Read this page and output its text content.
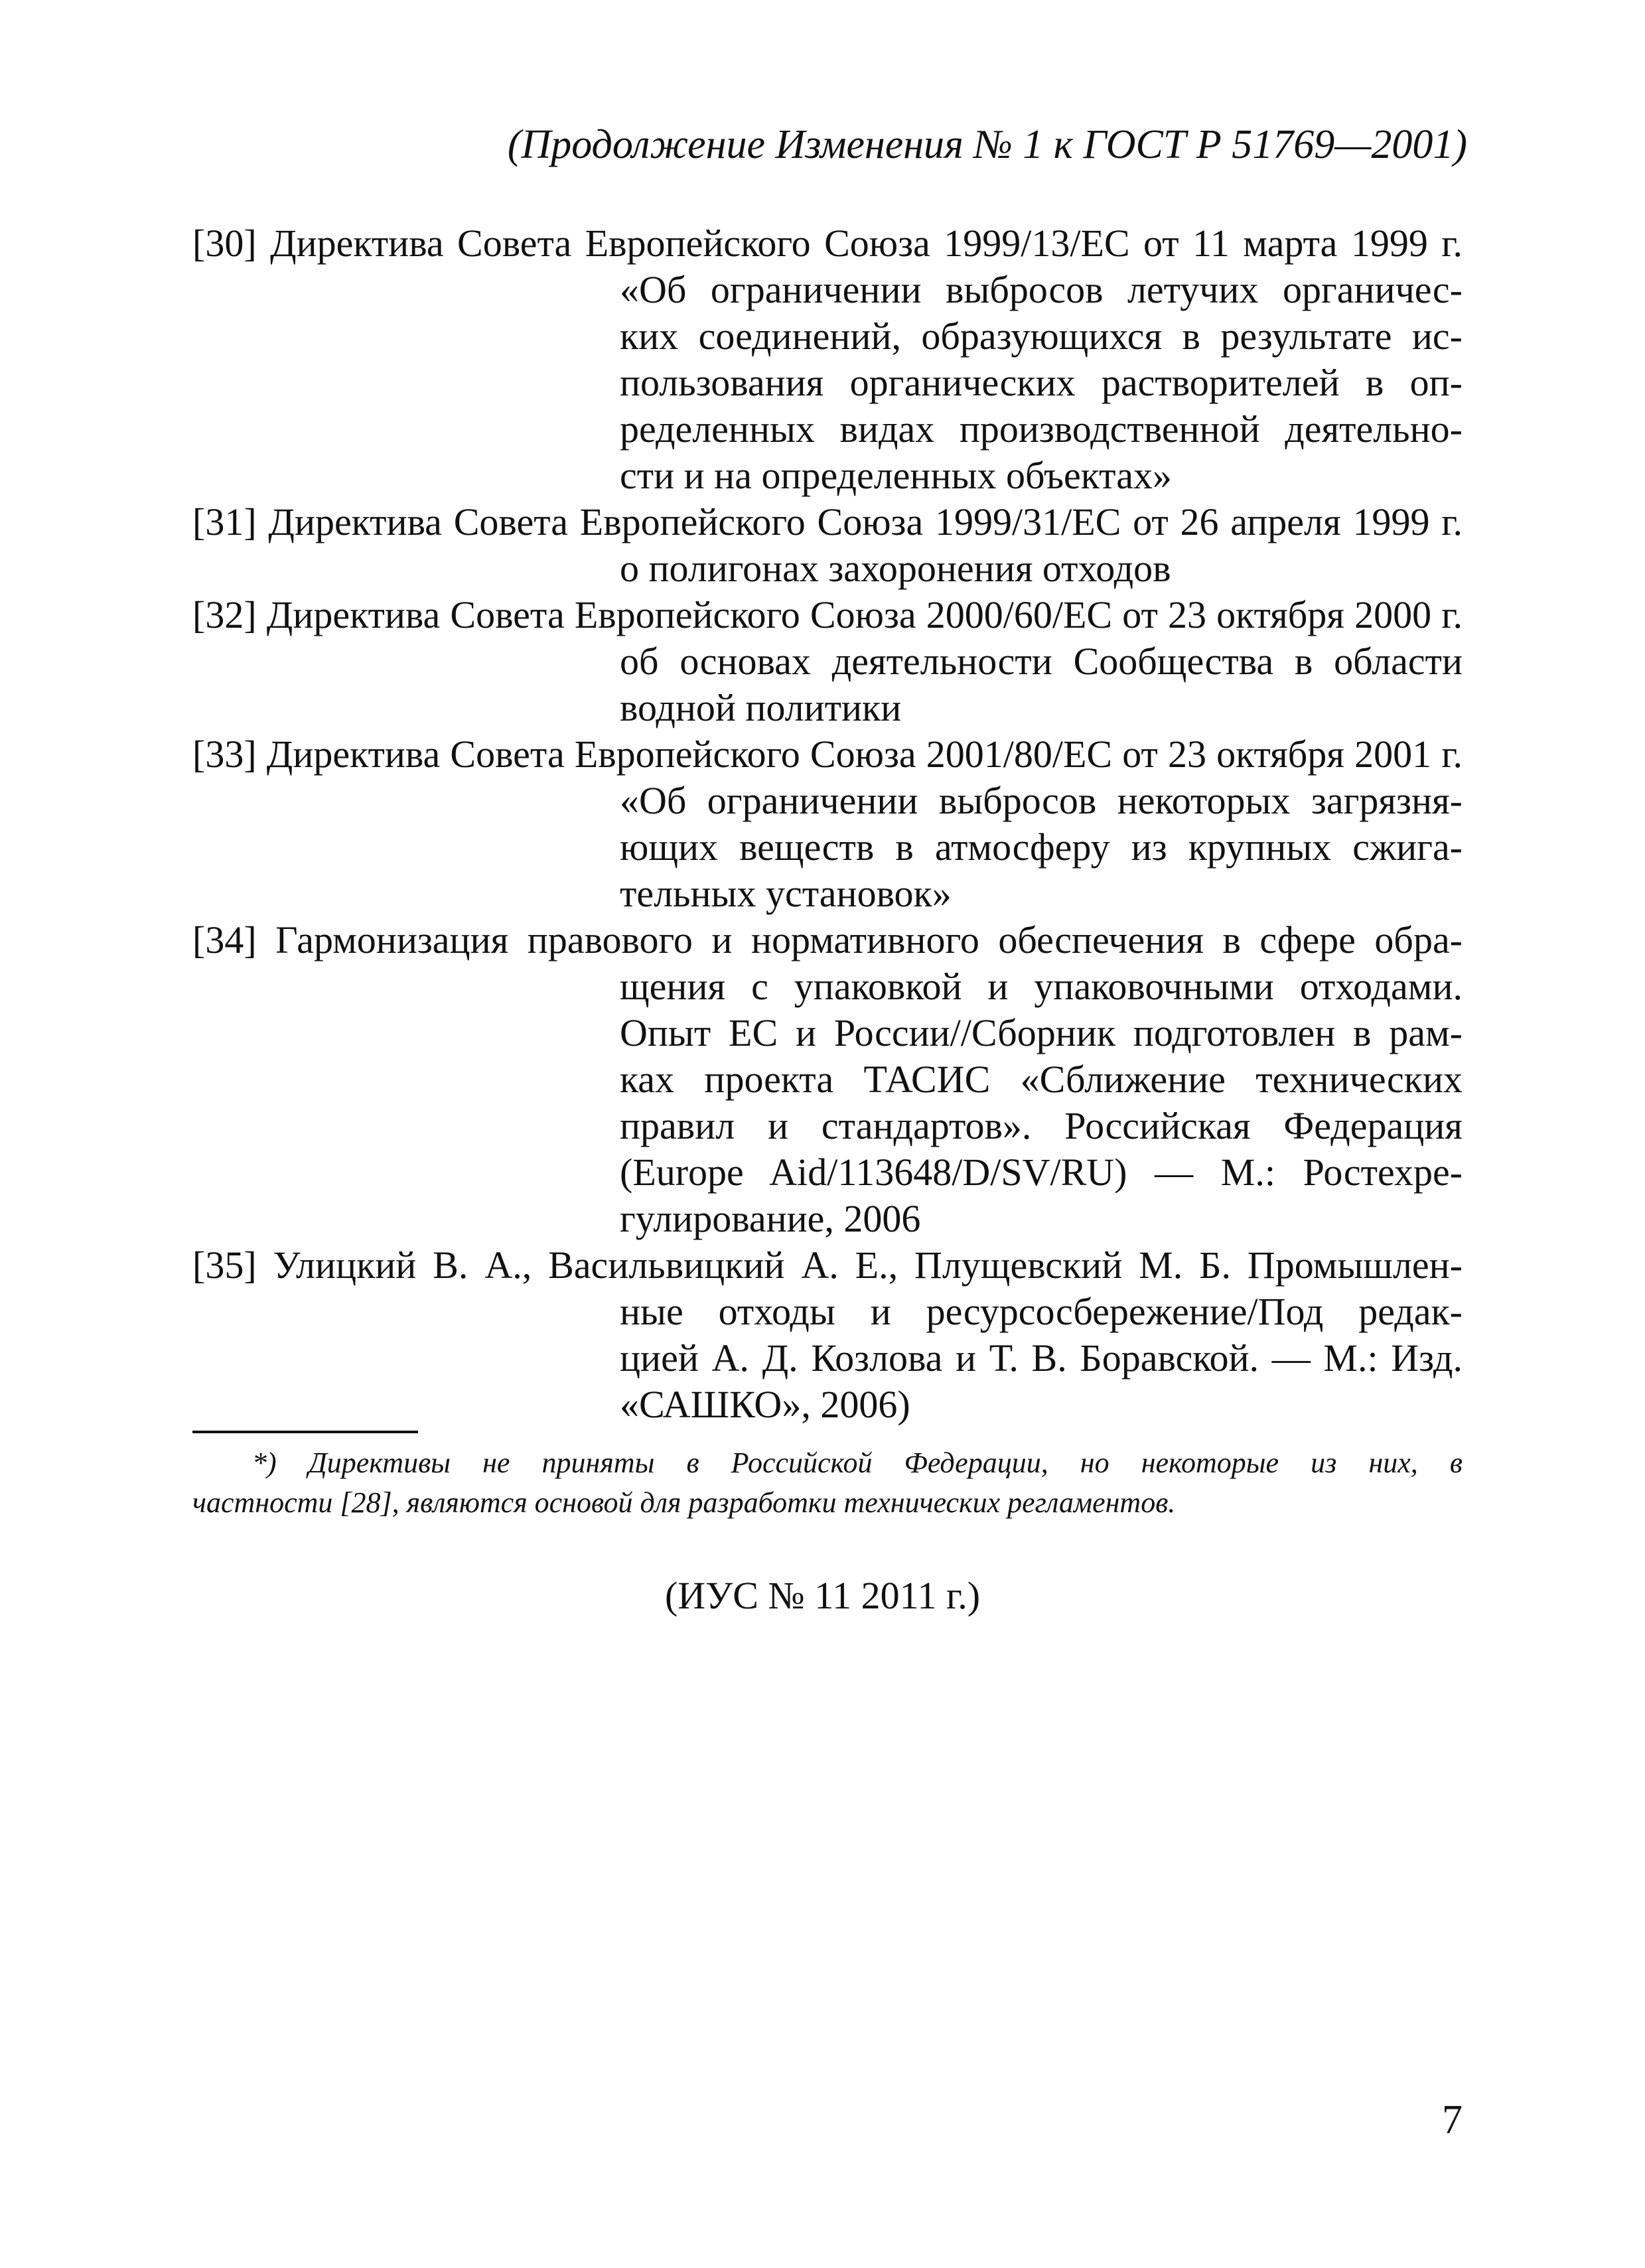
(Продолжение Изменения № 1 к ГОСТ Р 51769—2001)
[30] Директива Совета Европейского Союза 1999/13/ЕС от 11 марта 1999 г.
«Об ограничении выбросов летучих органичес-
ких соединений, образующихся в результате ис-
пользования органических растворителей в оп-
ределенных видах производственной деятельно-
сти и на определенных объектах»
[31] Директива Совета Европейского Союза 1999/31/ЕС от 26 апреля 1999 г.
о полигонах захоронения отходов
[32] Директива Совета Европейского Союза 2000/60/ЕС от 23 октября 2000 г.
об основах деятельности Сообщества в области
водной политики
[33] Директива Совета Европейского Союза 2001/80/ЕС от 23 октября 2001 г.
«Об ограничении выбросов некоторых загрязня-
ющих веществ в атмосферу из крупных сжига-
тельных установок»
[34] Гармонизация правового и нормативного обеспечения в сфере обра-
щения с упаковкой и упаковочными отходами.
Опыт ЕС и России//Сборник подготовлен в рам-
ках проекта ТАСИС «Сближение технических
правил и стандартов». Российская Федерация
(Europe Aid/113648/D/SV/RU) — М.: Ростехре-
гулирование, 2006
[35] Улицкий В. А., Васильвицкий А. Е., Плущевский М. Б. Промышлен-
ные отходы и ресурсосбережение/Под редак-
цией А. Д. Козлова и Т. В. Боравской. — М.: Изд.
«САШКО», 2006)
*) Директивы не приняты в Российской Федерации, но некоторые из них, в
частности [28], являются основой для разработки технических регламентов.
(ИУС № 11 2011 г.)
7
